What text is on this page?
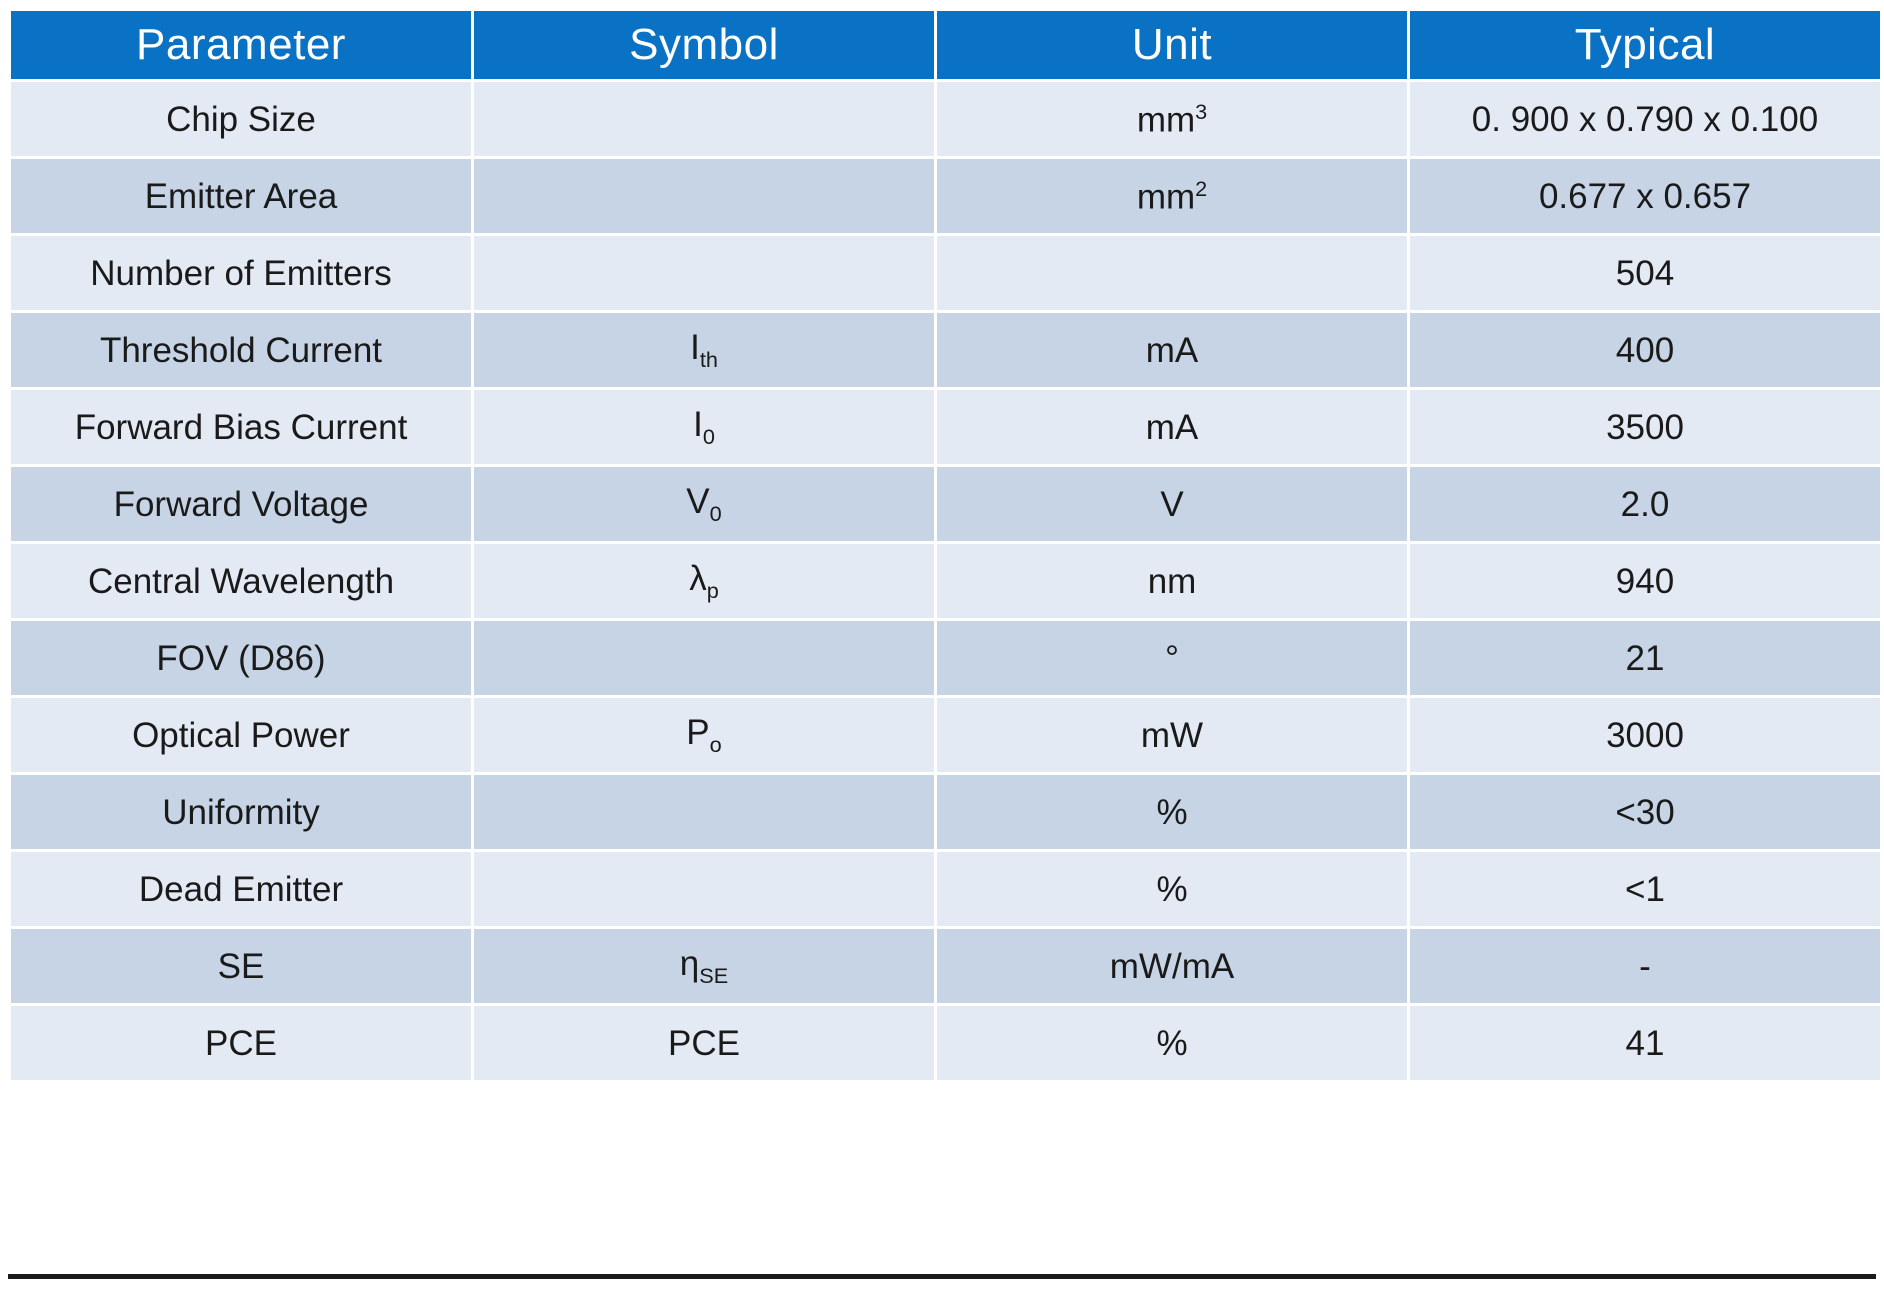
Parameter	Symbol	Unit	Typical
Chip Size		$mm^3$	0. 900 x 0.790 x 0.100
Emitter Area		$mm^2$	0.677 x 0.657
Number of Emitters			504
Threshold Current	$I_{th}$	mA	400
Forward Bias Current	$I_0$	mA	3500
Forward Voltage	$V_0$	V	2.0
Central Wavelength	$\lambda_p$	nm	940
FOV (D86)		°	21
Optical Power	$P_o$	mW	3000
Uniformity		%	<30
Dead Emitter		%	<1
SE	$\eta_{SE}$	mW/mA	-
PCE	PCE	%	41
